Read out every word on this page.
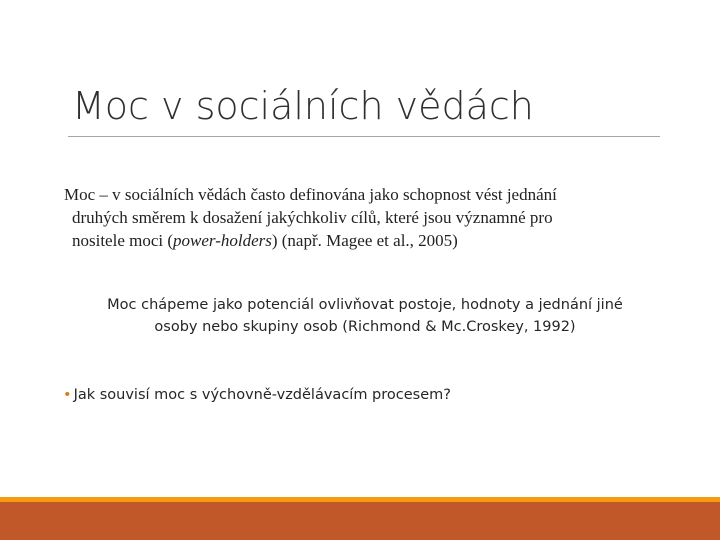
Moc v sociálních vědách

Moc – v sociálních vědách často definována jako schopnost vést jednání
druhých směrem k dosažení jakýchkoliv cílů, které jsou významné pro
nositele moci (power-holders) (např. Magee et al., 2005)

Moc chápeme jako potenciál ovlivňovat postoje, hodnoty a jednání jiné
osoby nebo skupiny osob (Richmond & Mc.Croskey, 1992)

• Jak souvisí moc s výchovně-vzdělávacím procesem?
